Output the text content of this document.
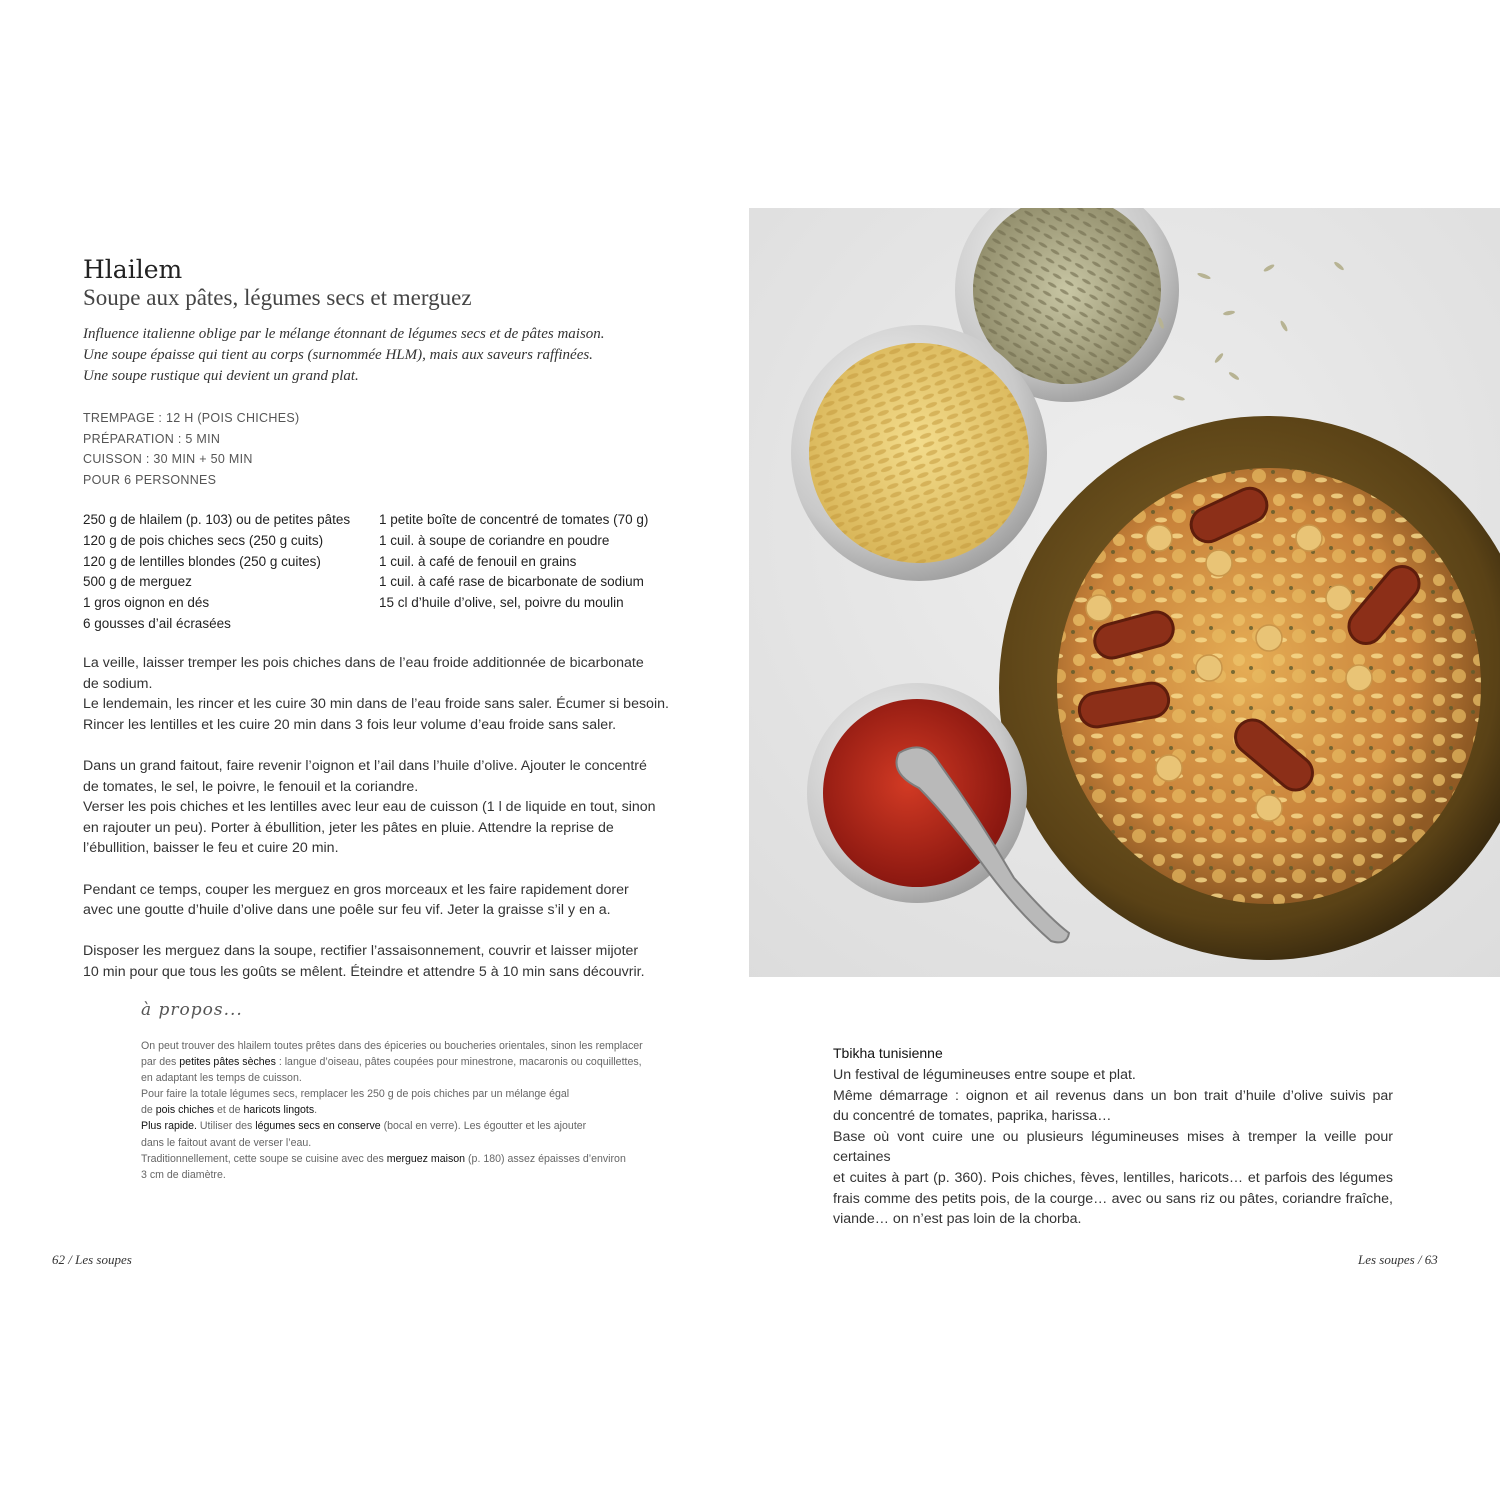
Hlailem
Soupe aux pâtes, légumes secs et merguez
Influence italienne oblige par le mélange étonnant de légumes secs et de pâtes maison.
Une soupe épaisse qui tient au corps (surnommée HLM), mais aux saveurs raffinées.
Une soupe rustique qui devient un grand plat.
TREMPAGE : 12 H (POIS CHICHES)
PRÉPARATION : 5 MIN
CUISSON : 30 MIN + 50 MIN
POUR 6 PERSONNES
250 g de hlailem (p. 103) ou de petites pâtes
120 g de pois chiches secs (250 g cuits)
120 g de lentilles blondes (250 g cuites)
500 g de merguez
1 gros oignon en dés
6 gousses d’ail écrasées
1 petite boîte de concentré de tomates (70 g)
1 cuil. à soupe de coriandre en poudre
1 cuil. à café de fenouil en grains
1 cuil. à café rase de bicarbonate de sodium
15 cl d’huile d’olive, sel, poivre du moulin

La veille, laisser tremper les pois chiches dans de l’eau froide additionnée de bicarbonate
de sodium.
Le lendemain, les rincer et les cuire 30 min dans de l’eau froide sans saler. Écumer si besoin.
Rincer les lentilles et les cuire 20 min dans 3 fois leur volume d’eau froide sans saler.

Dans un grand faitout, faire revenir l’oignon et l’ail dans l’huile d’olive. Ajouter le concentré
de tomates, le sel, le poivre, le fenouil et la coriandre.
Verser les pois chiches et les lentilles avec leur eau de cuisson (1 l de liquide en tout, sinon
en rajouter un peu). Porter à ébullition, jeter les pâtes en pluie. Attendre la reprise de
l’ébullition, baisser le feu et cuire 20 min.

Pendant ce temps, couper les merguez en gros morceaux et les faire rapidement dorer
avec une goutte d’huile d’olive dans une poêle sur feu vif. Jeter la graisse s’il y en a.

Disposer les merguez dans la soupe, rectifier l’assaisonnement, couvrir et laisser mijoter
10 min pour que tous les goûts se mêlent. Éteindre et attendre 5 à 10 min sans découvrir.

à propos...
On peut trouver des hlailem toutes prêtes dans des épiceries ou boucheries orientales, sinon les remplacer
par des petites pâtes sèches : langue d’oiseau, pâtes coupées pour minestrone, macaronis ou coquillettes,
en adaptant les temps de cuisson.
Pour faire la totale légumes secs, remplacer les 250 g de pois chiches par un mélange égal
de pois chiches et de haricots lingots.
Plus rapide. Utiliser des légumes secs en conserve (bocal en verre). Les égoutter et les ajouter
dans le faitout avant de verser l’eau.
Traditionnellement, cette soupe se cuisine avec des merguez maison (p. 180) assez épaisses d’environ
3 cm de diamètre.
62 / Les soupes
Tbikha tunisienne
Un festival de légumineuses entre soupe et plat.
Même démarrage : oignon et ail revenus dans un bon trait d’huile d’olive suivis par
du concentré de tomates, paprika, harissa…
Base où vont cuire une ou plusieurs légumineuses mises à tremper la veille pour certaines
et cuites à part (p. 360). Pois chiches, fèves, lentilles, haricots… et parfois des légumes
frais comme des petits pois, de la courge… avec ou sans riz ou pâtes, coriandre fraîche,
viande… on n’est pas loin de la chorba.
Les soupes / 63
